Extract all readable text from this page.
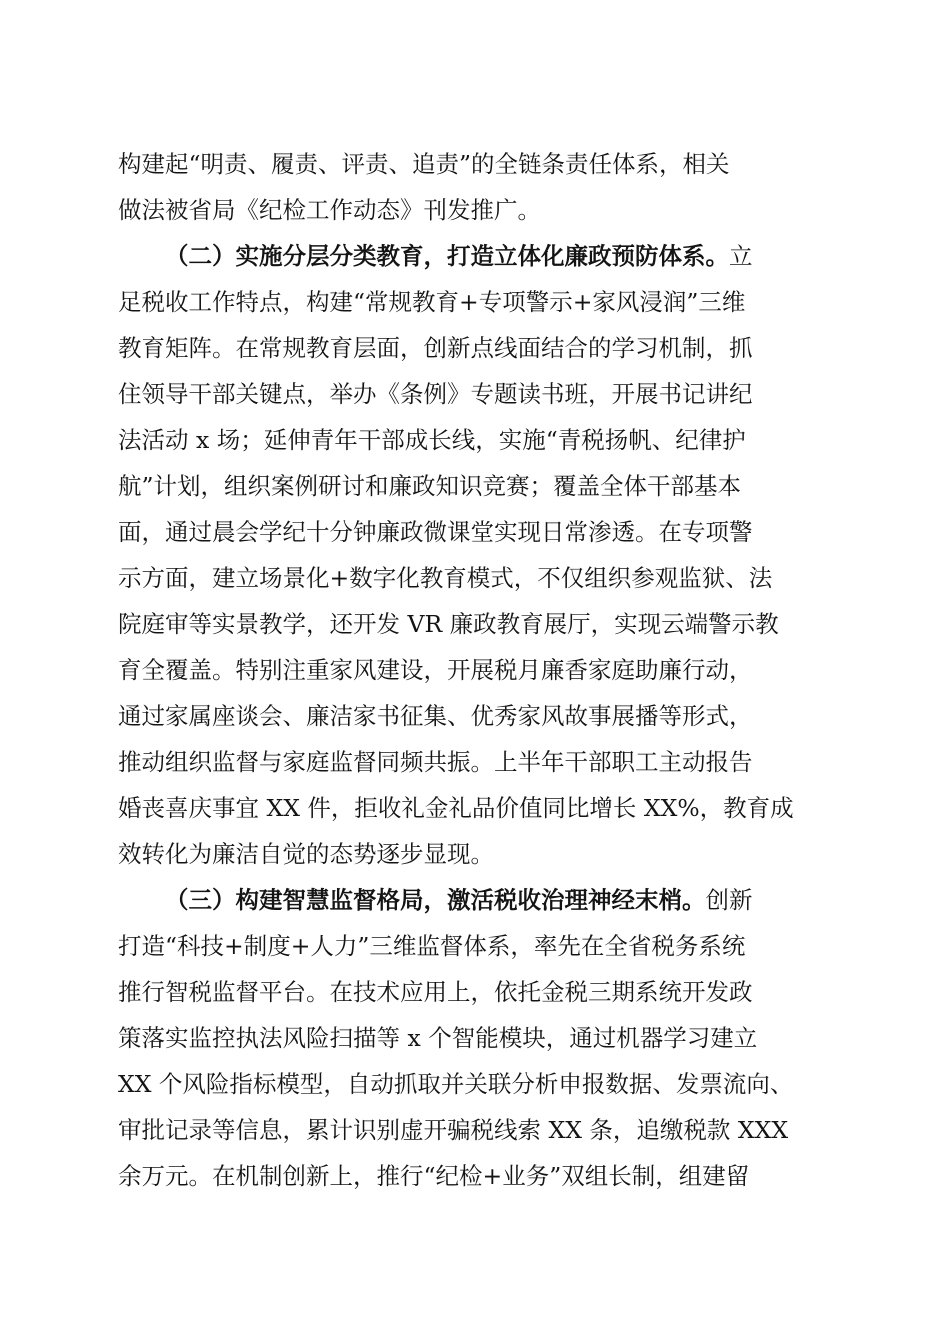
构建起“明责、履责、评责、追责”的全链条责任体系，相关
做法被省局《纪检工作动态》刊发推广。
（二）实施分层分类教育，打造立体化廉政预防体系。立
足税收工作特点，构建“常规教育+专项警示+家风浸润”三维
教育矩阵。在常规教育层面，创新点线面结合的学习机制，抓
住领导干部关键点，举办《条例》专题读书班，开展书记讲纪
法活动 x 场；延伸青年干部成长线，实施“青税扬帆、纪律护
航”计划，组织案例研讨和廉政知识竞赛；覆盖全体干部基本
面，通过晨会学纪十分钟廉政微课堂实现日常渗透。在专项警
示方面，建立场景化+数字化教育模式，不仅组织参观监狱、法
院庭审等实景教学，还开发 VR 廉政教育展厅，实现云端警示教
育全覆盖。特别注重家风建设，开展税月廉香家庭助廉行动，
通过家属座谈会、廉洁家书征集、优秀家风故事展播等形式，
推动组织监督与家庭监督同频共振。上半年干部职工主动报告
婚丧喜庆事宜 XX 件，拒收礼金礼品价值同比增长 XX%，教育成
效转化为廉洁自觉的态势逐步显现。
（三）构建智慧监督格局，激活税收治理神经末梢。创新
打造“科技+制度+人力”三维监督体系，率先在全省税务系统
推行智税监督平台。在技术应用上，依托金税三期系统开发政
策落实监控执法风险扫描等 x 个智能模块，通过机器学习建立
XX 个风险指标模型，自动抓取并关联分析申报数据、发票流向、
审批记录等信息，累计识别虚开骗税线索 XX 条，追缴税款 XXX
余万元。在机制创新上，推行“纪检+业务”双组长制，组建留
